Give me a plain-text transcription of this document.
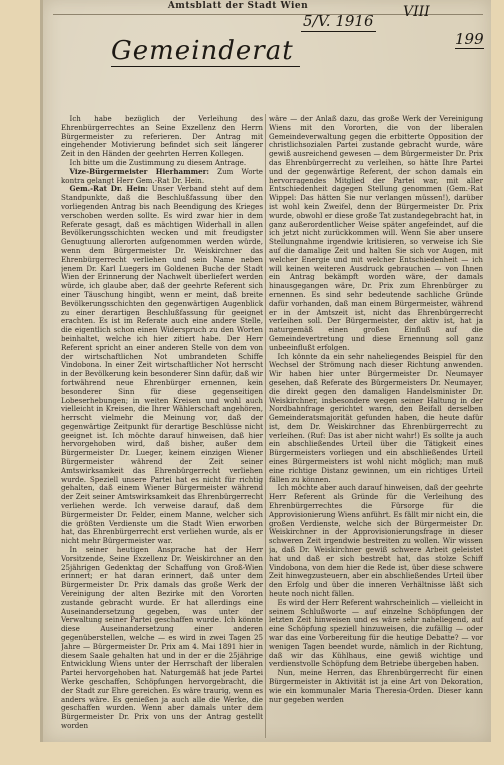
Amtsblatt der Stadt Wien
5/V. 1916 VIII
199
Gemeinderat

Ich habe bezüglich der Verleihung des Ehrenbürgerrechtes an Seine Exzellenz den Herrn Bürgermeister zu referieren. Der Antrag mit eingehender Motivierung befindet sich seit längerer Zeit in den Händen der geehrten Herren Kollegen.

Ich bitte um die Zustimmung zu diesem Antrage.

Vize-Bürgermeister Hierhammer: Zum Worte kontra gelangt Herr Gem.-Rat Dr. Hein.

Gem.-Rat Dr. Hein: Unser Verband steht auf dem Standpunkte, daß die Beschlußfassung über den vorliegenden Antrag bis nach Beendigung des Krieges verschoben werden sollte. Es wird zwar hier in dem Referate gesagt, daß es mächtigen Widerhall in allen Bevölkerungsschichten wecken und mit freudigster Genugtuung allerorten aufgenommen werden würde, wenn dem Bürgermeister Dr. Weiskirchner das Ehrenbürgerrecht verliehen und sein Name neben jenem Dr. Karl Luegers im Goldenen Buche der Stadt Wien der Erinnerung der Nachwelt überliefert werden würde, ich glaube aber, daß der geehrte Referent sich einer Täuschung hingibt, wenn er meint, daß breite Bevölkerungsschichten den gegenwärtigen Augenblick zu einer derartigen Beschlußfassung für geeignet erachten. Es ist im Referate auch eine andere Stelle, die eigentlich schon einen Widerspruch zu den Worten beinhaltet, welche ich hier zitiert habe. Der Herr Referent spricht an einer anderen Stelle von dem von der wirtschaftlichen Not umbrandeten Schiffe Vindobona. In einer Zeit wirtschaftlicher Not herrscht in der Bevölkerung kein besonderer Sinn dafür, daß wir fortwährend neue Ehrenbürger ernennen, kein besonderer Sinn für diese gegenseitigen Lobeserhebungen; in weiten Kreisen und wohl auch vielleicht in Kreisen, die Ihrer Wählerschaft angehören, herrscht vielmehr die Meinung vor, daß der gegenwärtige Zeitpunkt für derartige Beschlüsse nicht geeignet ist. Ich möchte darauf hinweisen, daß hier hervorgehoben wird, daß bisher, außer dem Bürgermeister Dr. Lueger, keinem einzigen Wiener Bürgermeister während der Zeit seiner Amtswirksamkeit das Ehrenbürgerrecht verliehen wurde. Speziell unsere Partei hat es nicht für richtig gehalten, daß einem Wiener Bürgermeister während der Zeit seiner Amtswirksamkeit das Ehrenbürgerrecht verliehen werde. Ich verweise darauf, daß dem Bürgermeister Dr. Felder, einem Manne, welcher sich die größten Verdienste um die Stadt Wien erworben hat, das Ehrenbürgerrecht erst verliehen wurde, als er nicht mehr Bürgermeister war.

In seiner heutigen Ansprache hat der Herr Vorsitzende, Seine Exzellenz Dr. Weiskirchner an den 25jährigen Gedenktag der Schaffung von Groß-Wien erinnert; er hat daran erinnert, daß unter dem Bürgermeister Dr. Prix damals das große Werk der Vereinigung der alten Bezirke mit den Vororten zustande gebracht wurde. Er hat allerdings eine Auseinandersetzung gegeben, was unter der Verwaltung seiner Partei geschaffen wurde. Ich könnte diese Auseinandersetzung einer anderen gegenüberstellen, welche — es wird in zwei Tagen 25 Jahre — Bürgermeister Dr. Prix am 4. Mai 1891 hier in diesem Saale gehalten hat und in der er die 25jährige Entwicklung Wiens unter der Herrschaft der liberalen Partei hervorgehoben hat. Naturgemäß hat jede Partei Werke geschaffen, Schöpfungen hervorgebracht, die der Stadt zur Ehre gereichen. Es wäre traurig, wenn es anders wäre. Es genießen ja auch alle die Werke, die geschaffen wurden. Wenn aber damals unter dem Bürgermeister Dr. Prix von uns der Antrag gestellt worden

wäre — der Anlaß dazu, das große Werk der Vereinigung Wiens mit den Vororten, die von der liberalen Gemeindeverwaltung gegen die erbitterte Opposition der christlichsozialen Partei zustande gebracht wurde, wäre gewiß ausreichend gewesen — dem Bürgermeister Dr. Prix das Ehrenbürgerrecht zu verleihen, so hätte Ihre Partei und der gegenwärtige Referent, der schon damals ein hervorragendes Mitglied der Partei war, mit aller Entschiedenheit dagegen Stellung genommen (Gem.-Rat Wippel: Das hätten Sie nur verlangen müssen!), darüber ist wohl kein Zweifel, denn der Bürgermeister Dr. Prix wurde, obwohl er diese große Tat zustandegebracht hat, in ganz außerordentlicher Weise später angefeindet, auf die ich jetzt nicht zurückkommen will. Wenn Sie aber unsere Stellungnahme irgendwie kritisieren, so verweise ich Sie auf die damalige Zeit und halten Sie sich vor Augen, mit welcher Energie und mit welcher Entschiedenheit — ich will keinen weiteren Ausdruck gebrauchen — von Ihnen ein Antrag bekämpft worden wäre, der damals hinausgegangen wäre, Dr. Prix zum Ehrenbürger zu ernennen. Es sind sehr bedeutende sachliche Gründe dafür vorhanden, daß man einem Bürgermeister, während er in der Amtszeit ist, nicht das Ehrenbürgerrecht verleihen soll. Der Bürgermeister, der aktiv ist, hat ja naturgemäß einen großen Einfluß auf die Gemeindevertretung und diese Ernennung soll ganz unbeeinflußt erfolgen.

Ich könnte da ein sehr naheliegendes Beispiel für den Wechsel der Strömung nach dieser Richtung anwenden. Wir haben hier unter Bürgermeister Dr. Neumayer gesehen, daß Referate des Bürgermeisters Dr. Neumayer, die direkt gegen den damaligen Handelsminister Dr. Weiskirchner, insbesondere wegen seiner Haltung in der Nordbahnfrage gerichtet waren, den Beifall derselben Gemeinderatsmajorität gefunden haben, die heute dafür ist, dem Dr. Weiskirchner das Ehrenbürgerrecht zu verleihen. (Ruf: Das ist aber nicht wahr!) Es sollte ja auch ein abschließendes Urteil über die Tätigkeit eines Bürgermeisters vorliegen und ein abschließendes Urteil eines Bürgermeisters ist wohl nicht möglich; man muß eine richtige Distanz gewinnen, um ein richtiges Urteil fällen zu können.

Ich möchte aber auch darauf hinweisen, daß der geehrte Herr Referent als Gründe für die Verleihung des Ehrenbürgerrechtes die Fürsorge für die Approvisionierung Wiens anführt. Es fällt mir nicht ein, die großen Verdienste, welche sich der Bürgermeister Dr. Weiskirchner in der Approvisionierungsfrage in dieser schweren Zeit irgendwie bestreiten zu wollen. Wir wissen ja, daß Dr. Weiskirchner gewiß schwere Arbeit geleistet hat und daß er sich bestrebt hat, das stolze Schiff Vindobona, von dem hier die Rede ist, über diese schwere Zeit hinwegzusteuern, aber ein abschließendes Urteil über den Erfolg und über die inneren Verhältnisse läßt sich heute noch nicht fällen.

Es wird der Herr Referent wahrscheinlich — vielleicht in seinem Schlußworte — auf einzelne Schöpfungen der letzten Zeit hinweisen und es wäre sehr naheliegend, auf eine Schöpfung speziell hinzuweisen, die zufällig — oder war das eine Vorbereitung für die heutige Debatte? — vor wenigen Tagen beendet wurde, nämlich in der Richtung, daß wir das Kühlhaus, eine gewiß wichtige und verdienstvolle Schöpfung dem Betriebe übergeben haben.

Nun, meine Herren, das Ehrenbürgerrecht für einen Bürgermeister in Aktivität ist ja eine Art von Dekoration, wie ein kommunaler Maria Theresia-Orden. Dieser kann nur gegeben werden
